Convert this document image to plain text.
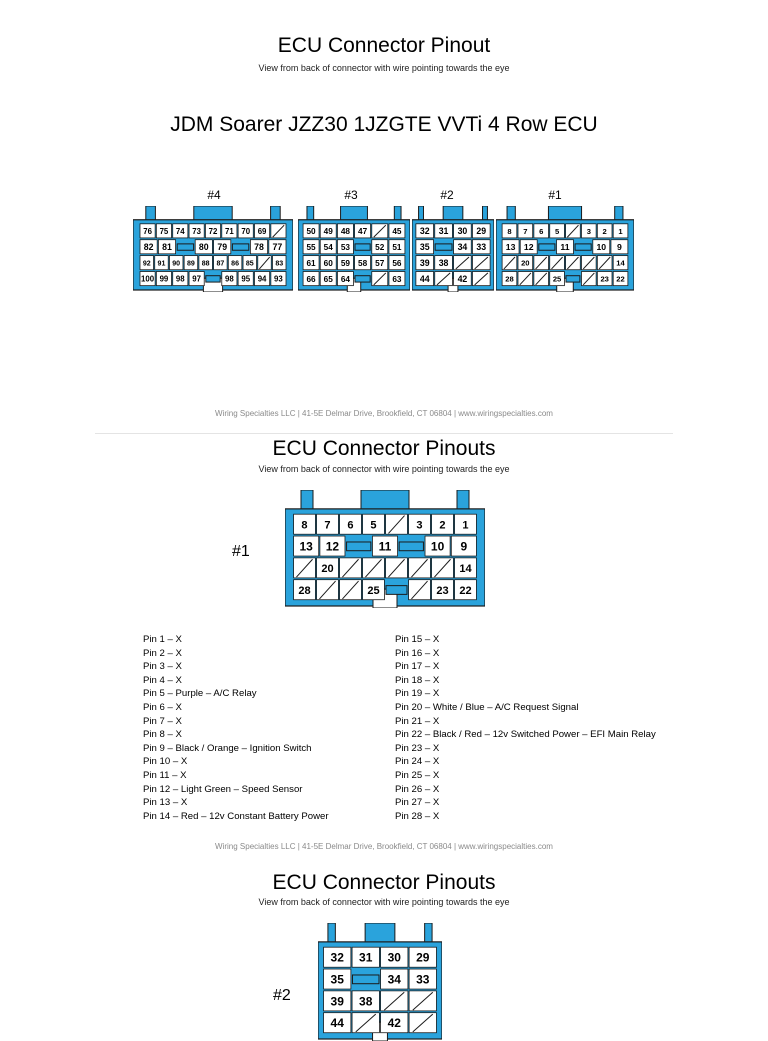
ECU Connector Pinout
View from back of connector with wire pointing towards the eye
JDM Soarer JZZ30 1JZGTE VVTi 4 Row ECU
#4	#3	#2	#1
76 75 74 73 72 71 70 69
82 81	80 79	78 77
92 91 90 89 88 87 86 85	83
100 99 98 97	98 95 94 93
50 49 48 47	45
55 54 53	52 51
61 60 59 58 57 56
66 65 64	63
32 31 30 29
35	34 33
39 38
44	42
8 7 6 5	3 2 1
13 12	11	10 9
20	14
28	25	23 22
Wiring Specialties LLC | 41-5E Delmar Drive, Brookfield, CT 06804 | www.wiringspecialties.com
ECU Connector Pinouts
View from back of connector with wire pointing towards the eye
#1
8 7 6 5	3 2 1
13 12	11	10 9
20	14
28	25	23 22
Pin 1 – X
Pin 2 – X
Pin 3 – X
Pin 4 – X
Pin 5 – Purple – A/C Relay
Pin 6 – X
Pin 7 – X
Pin 8 – X
Pin 9 – Black / Orange – Ignition Switch
Pin 10 – X
Pin 11 – X
Pin 12 – Light Green – Speed Sensor
Pin 13 – X
Pin 14 – Red – 12v Constant Battery Power
Pin 15 – X
Pin 16 – X
Pin 17 – X
Pin 18 – X
Pin 19 – X
Pin 20 – White / Blue – A/C Request Signal
Pin 21 – X
Pin 22 – Black / Red – 12v Switched Power – EFI Main Relay
Pin 23 – X
Pin 24 – X
Pin 25 – X
Pin 26 – X
Pin 27 – X
Pin 28 – X
Wiring Specialties LLC | 41-5E Delmar Drive, Brookfield, CT 06804 | www.wiringspecialties.com
ECU Connector Pinouts
View from back of connector with wire pointing towards the eye
#2
32 31 30 29
35	34 33
39 38
44	42
